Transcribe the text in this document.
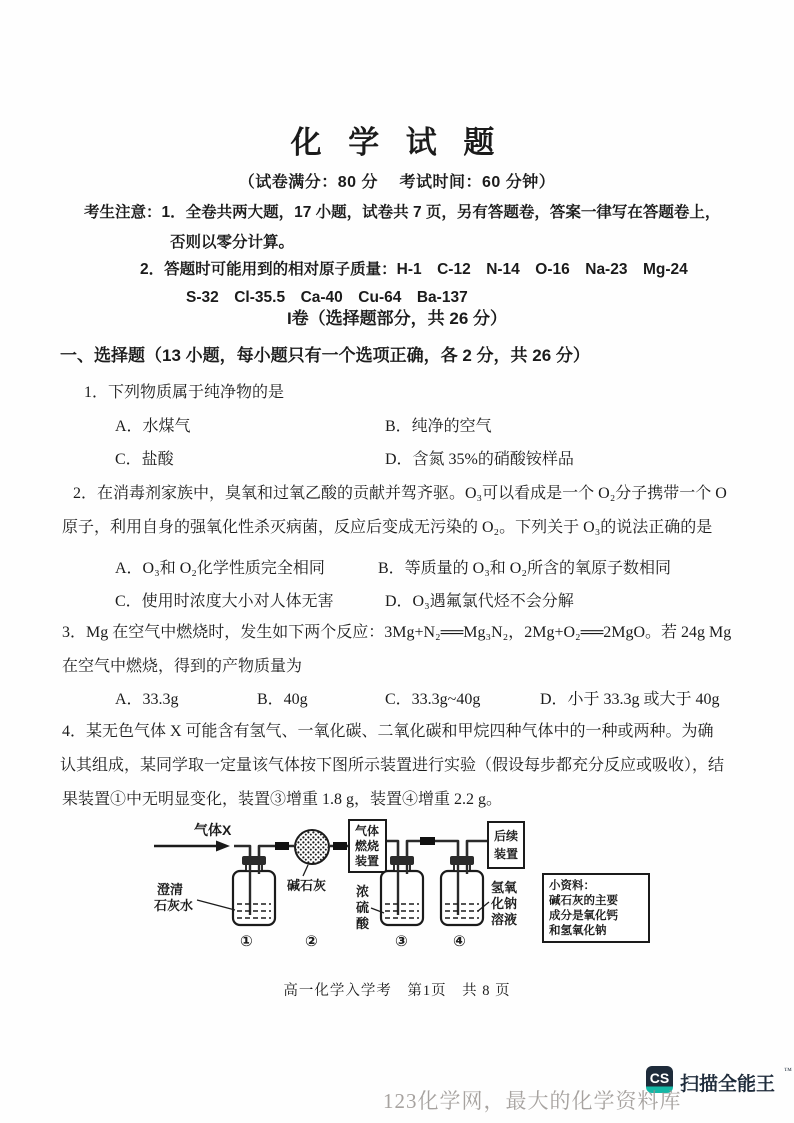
化 学 试 题
（试卷满分：80 分　 考试时间：60 分钟）
考生注意：1．全卷共两大题，17 小题，试卷共 7 页，另有答题卷，答案一律写在答题卷上，
否则以零分计算。
2．答题时可能用到的相对原子质量：H-1　C-12　N-14　O-16　Na-23　Mg-24
S-32　Cl-35.5　Ca-40　Cu-64　Ba-137
I卷（选择题部分，共 26 分）
一、选择题（13 小题，每小题只有一个选项正确，各 2 分，共 26 分）
1．下列物质属于纯净物的是
A．水煤气	B．纯净的空气
C．盐酸	D．含氮 35%的硝酸铵样品
2．在消毒剂家族中，臭氧和过氧乙酸的贡献并驾齐驱。O₃可以看成是一个 O₂分子携带一个 O
原子，利用自身的强氧化性杀灭病菌，反应后变成无污染的 O₂。下列关于 O₃的说法正确的是
A．O₃和 O₂化学性质完全相同	B．等质量的 O₃和 O₂所含的氧原子数相同
C．使用时浓度大小对人体无害	D．O₃遇氟氯代烃不会分解
3．Mg 在空气中燃烧时，发生如下两个反应：3Mg+N₂══Mg₃N₂，2Mg+O₂══2MgO。若 24g Mg
在空气中燃烧，得到的产物质量为
A．33.3g	B．40g	C．33.3g~40g	D．小于 33.3g 或大于 40g
4．某无色气体 X 可能含有氢气、一氧化碳、二氧化碳和甲烷四种气体中的一种或两种。为确
认其组成，某同学取一定量该气体按下图所示装置进行实验（假设每步都充分反应或吸收），结
果装置①中无明显变化，装置③增重 1.8 g，装置④增重 2.2 g。
气体X
澄清
石灰水
碱石灰
气体
燃烧
装置
浓
硫
酸
氢氧
化钠
溶液
后续
装置
小资料：
碱石灰的主要
成分是氧化钙
和氢氧化钠
①	②	③	④
高一化学入学考　第1页　共 8 页
CS 扫描全能王
™
123化学网，最大的化学资料库
